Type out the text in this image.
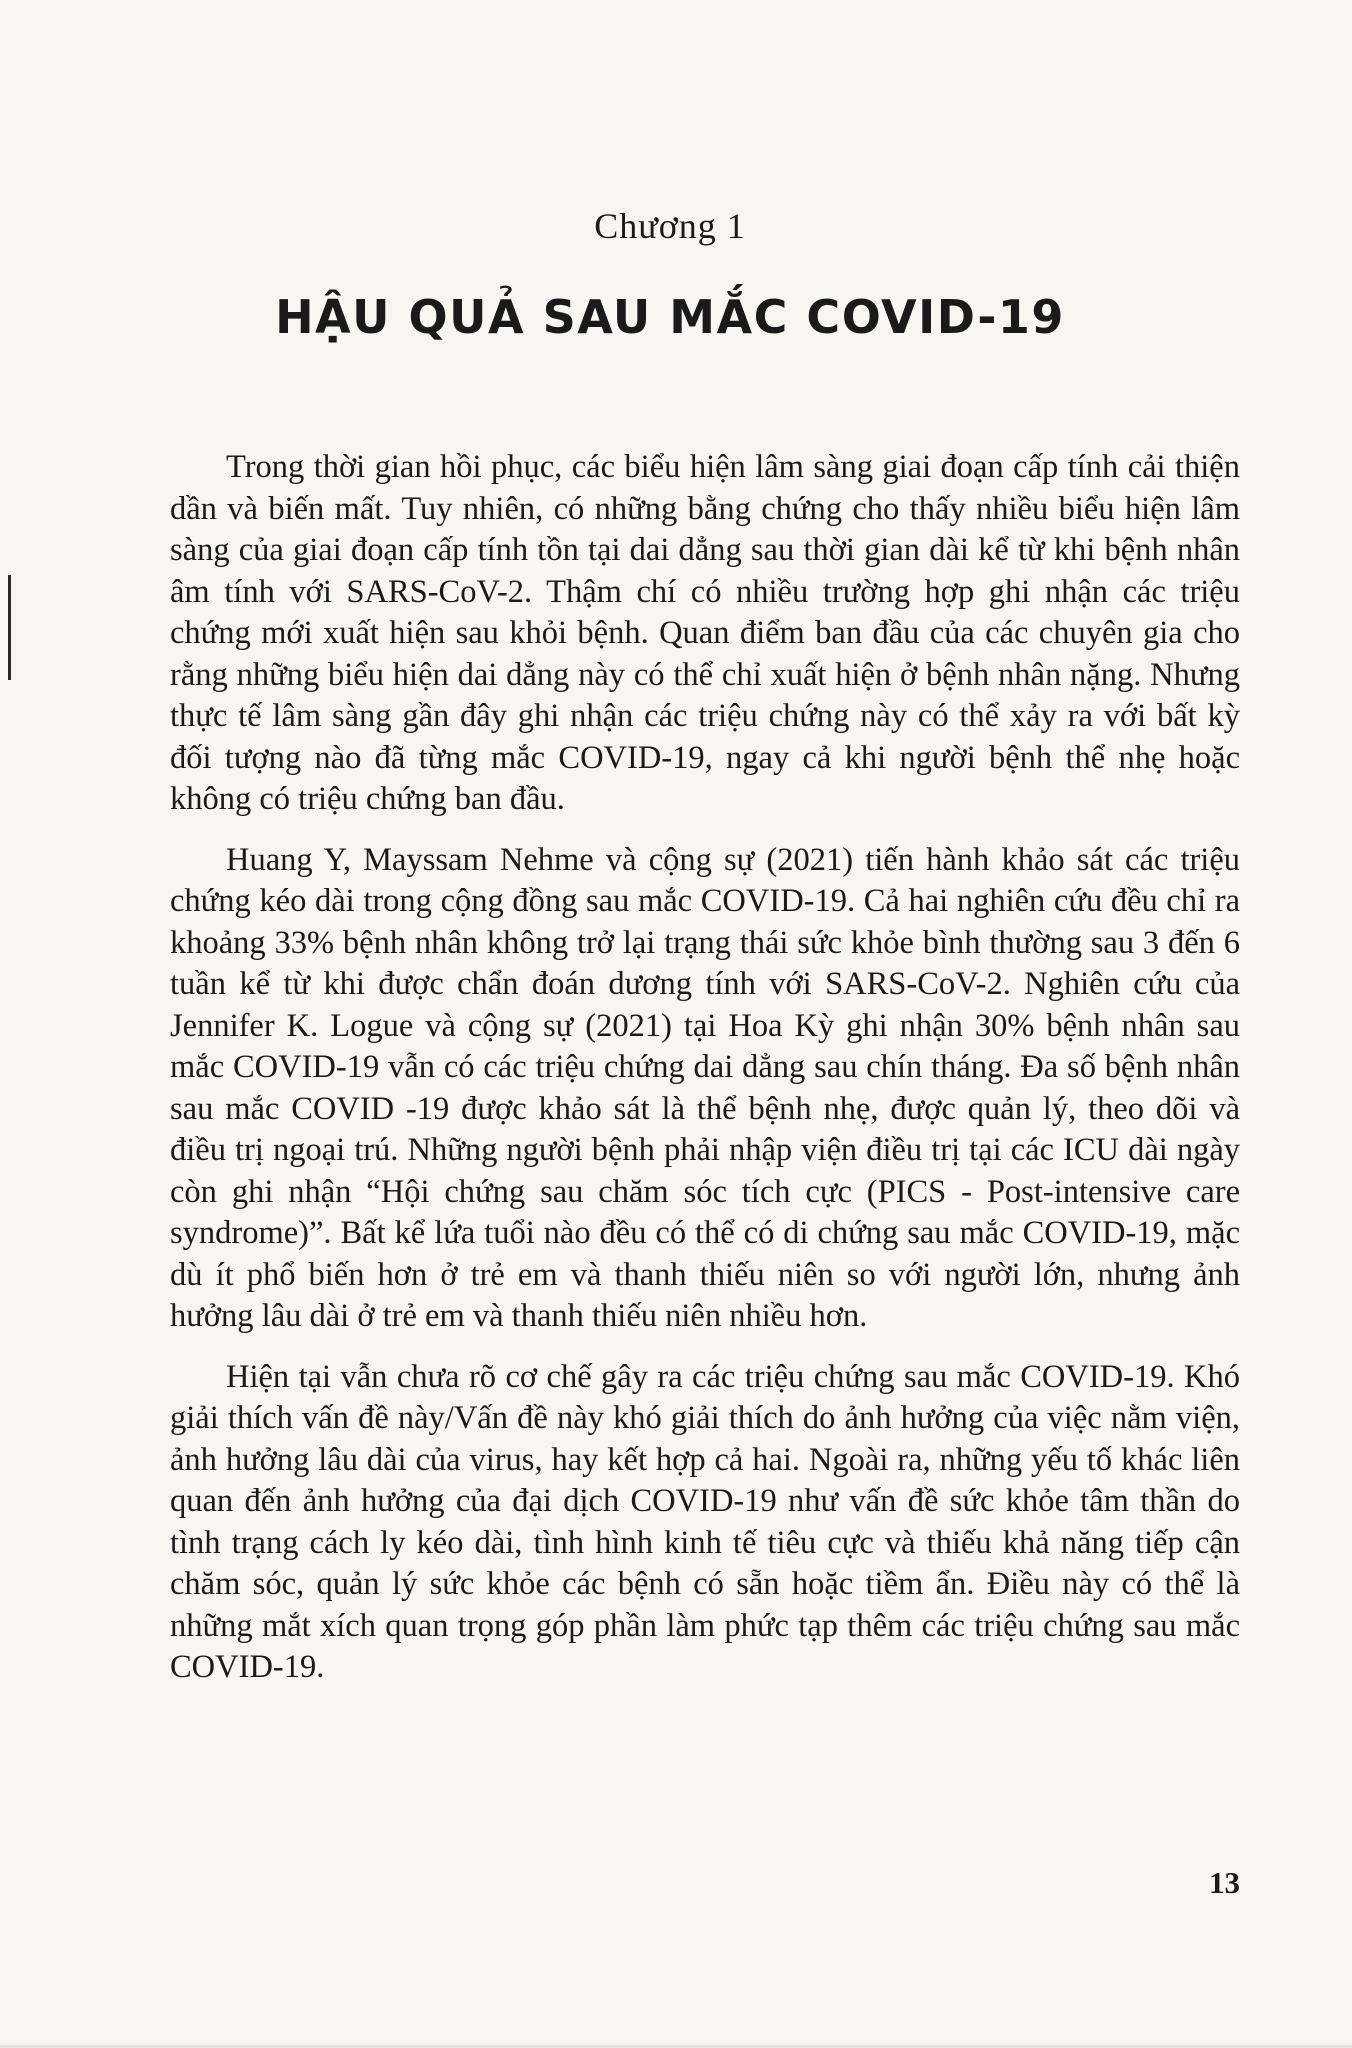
Chương 1
HẬU QUẢ SAU MẮC COVID-19

Trong thời gian hồi phục, các biểu hiện lâm sàng giai đoạn cấp tính cải thiện dần và biến mất. Tuy nhiên, có những bằng chứng cho thấy nhiều biểu hiện lâm sàng của giai đoạn cấp tính tồn tại dai dẳng sau thời gian dài kể từ khi bệnh nhân âm tính với SARS-CoV-2. Thậm chí có nhiều trường hợp ghi nhận các triệu chứng mới xuất hiện sau khỏi bệnh. Quan điểm ban đầu của các chuyên gia cho rằng những biểu hiện dai dẳng này có thể chỉ xuất hiện ở bệnh nhân nặng. Nhưng thực tế lâm sàng gần đây ghi nhận các triệu chứng này có thể xảy ra với bất kỳ đối tượng nào đã từng mắc COVID-19, ngay cả khi người bệnh thể nhẹ hoặc không có triệu chứng ban đầu.

Huang Y, Mayssam Nehme và cộng sự (2021) tiến hành khảo sát các triệu chứng kéo dài trong cộng đồng sau mắc COVID-19. Cả hai nghiên cứu đều chỉ ra khoảng 33% bệnh nhân không trở lại trạng thái sức khỏe bình thường sau 3 đến 6 tuần kể từ khi được chẩn đoán dương tính với SARS-CoV-2. Nghiên cứu của Jennifer K. Logue và cộng sự (2021) tại Hoa Kỳ ghi nhận 30% bệnh nhân sau mắc COVID-19 vẫn có các triệu chứng dai dẳng sau chín tháng. Đa số bệnh nhân sau mắc COVID -19 được khảo sát là thể bệnh nhẹ, được quản lý, theo dõi và điều trị ngoại trú. Những người bệnh phải nhập viện điều trị tại các ICU dài ngày còn ghi nhận “Hội chứng sau chăm sóc tích cực (PICS - Post-intensive care syndrome)”. Bất kể lứa tuổi nào đều có thể có di chứng sau mắc COVID-19, mặc dù ít phổ biến hơn ở trẻ em và thanh thiếu niên so với người lớn, nhưng ảnh hưởng lâu dài ở trẻ em và thanh thiếu niên nhiều hơn.

Hiện tại vẫn chưa rõ cơ chế gây ra các triệu chứng sau mắc COVID-19. Khó giải thích vấn đề này/Vấn đề này khó giải thích do ảnh hưởng của việc nằm viện, ảnh hưởng lâu dài của virus, hay kết hợp cả hai. Ngoài ra, những yếu tố khác liên quan đến ảnh hưởng của đại dịch COVID-19 như vấn đề sức khỏe tâm thần do tình trạng cách ly kéo dài, tình hình kinh tế tiêu cực và thiếu khả năng tiếp cận chăm sóc, quản lý sức khỏe các bệnh có sẵn hoặc tiềm ẩn. Điều này có thể là những mắt xích quan trọng góp phần làm phức tạp thêm các triệu chứng sau mắc COVID-19.

13
